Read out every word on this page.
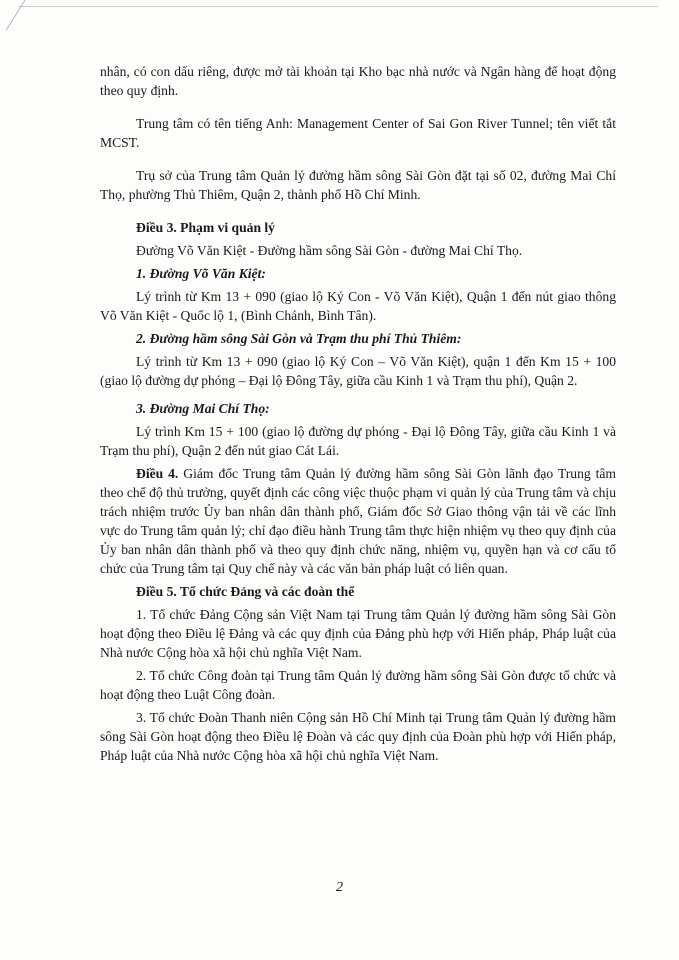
nhân, có con dấu riêng, được mở tài khoản tại Kho bạc nhà nước và Ngân hàng để hoạt động theo quy định.

Trung tâm có tên tiếng Anh: Management Center of Sai Gon River Tunnel; tên viết tắt MCST.

Trụ sở của Trung tâm Quản lý đường hầm sông Sài Gòn đặt tại số 02, đường Mai Chí Thọ, phường Thủ Thiêm, Quận 2, thành phố Hồ Chí Minh.

Điều 3. Phạm vi quản lý

Đường Võ Văn Kiệt - Đường hầm sông Sài Gòn - đường Mai Chí Thọ.

1. Đường Võ Văn Kiệt:

Lý trình từ Km 13 + 090 (giao lộ Ký Con - Võ Văn Kiệt), Quận 1 đến nút giao thông Võ Văn Kiệt - Quốc lộ 1, (Bình Chánh, Bình Tân).

2. Đường hầm sông Sài Gòn và Trạm thu phí Thủ Thiêm:

Lý trình từ Km 13 + 090 (giao lộ Ký Con – Võ Văn Kiệt), quận 1 đến Km 15 + 100 (giao lộ đường dự phóng – Đại lộ Đông Tây, giữa cầu Kinh 1 và Trạm thu phí), Quận 2.

3. Đường Mai Chí Thọ:

Lý trình Km 15 + 100 (giao lộ đường dự phóng - Đại lộ Đông Tây, giữa cầu Kinh 1 và Trạm thu phí), Quận 2 đến nút giao Cát Lái.

Điều 4. Giám đốc Trung tâm Quản lý đường hầm sông Sài Gòn lãnh đạo Trung tâm theo chế độ thủ trưởng, quyết định các công việc thuộc phạm vi quản lý của Trung tâm và chịu trách nhiệm trước Ủy ban nhân dân thành phố, Giám đốc Sở Giao thông vận tải về các lĩnh vực do Trung tâm quản lý; chỉ đạo điều hành Trung tâm thực hiện nhiệm vụ theo quy định của Ủy ban nhân dân thành phố và theo quy định chức năng, nhiệm vụ, quyền hạn và cơ cấu tổ chức của Trung tâm tại Quy chế này và các văn bản pháp luật có liên quan.

Điều 5. Tổ chức Đảng và các đoàn thể

1. Tổ chức Đảng Cộng sản Việt Nam tại Trung tâm Quản lý đường hầm sông Sài Gòn hoạt động theo Điều lệ Đảng và các quy định của Đảng phù hợp với Hiến pháp, Pháp luật của Nhà nước Cộng hòa xã hội chủ nghĩa Việt Nam.

2. Tổ chức Công đoàn tại Trung tâm Quản lý đường hầm sông Sài Gòn được tổ chức và hoạt động theo Luật Công đoàn.

3. Tổ chức Đoàn Thanh niên Cộng sản Hồ Chí Minh tại Trung tâm Quản lý đường hầm sông Sài Gòn hoạt động theo Điều lệ Đoàn và các quy định của Đoàn phù hợp với Hiến pháp, Pháp luật của Nhà nước Cộng hòa xã hội chủ nghĩa Việt Nam.

2
